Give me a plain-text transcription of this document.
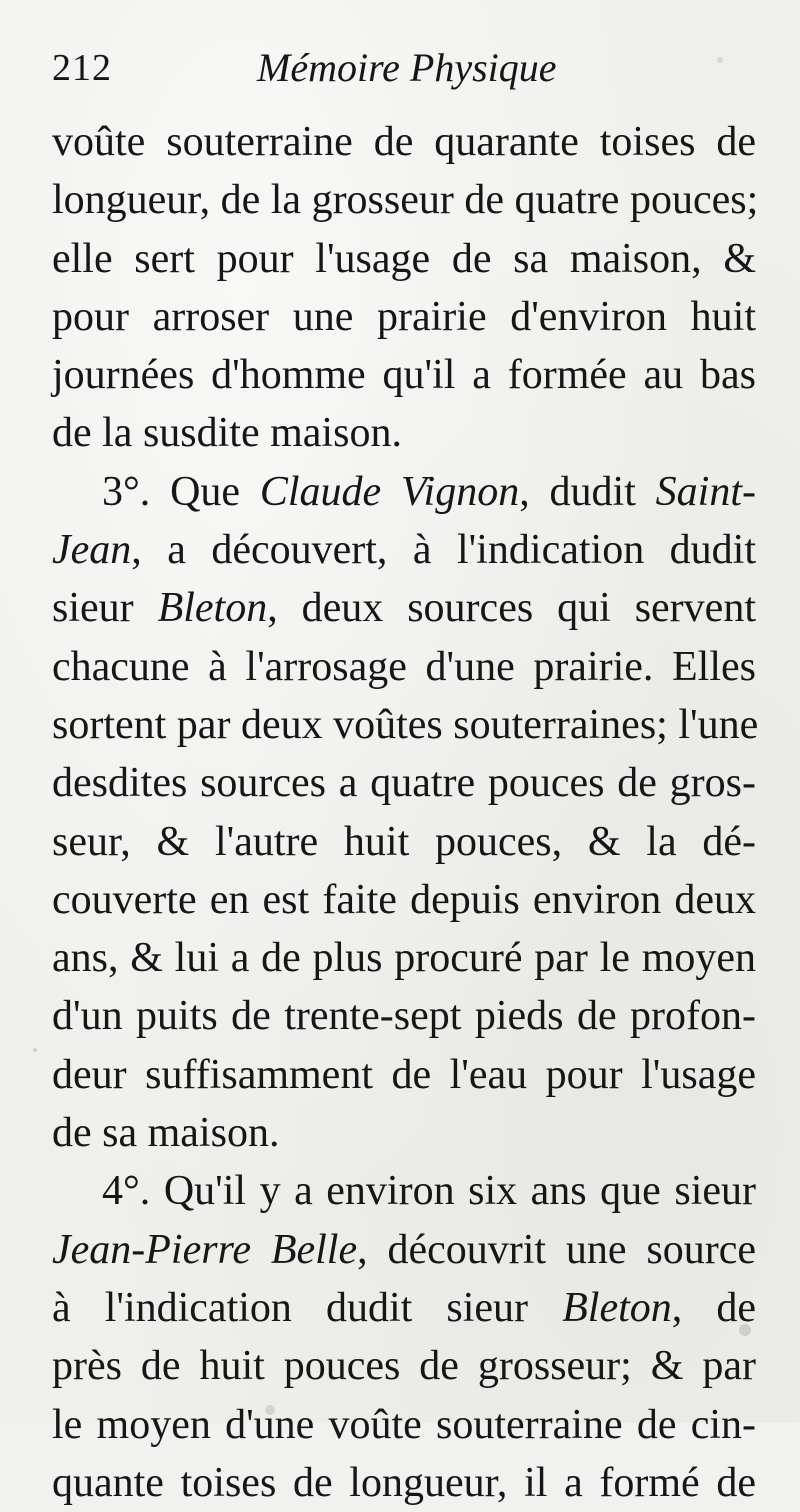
212	Mémoire Physique
voûte souterraine de quarante toises de
longueur, de la grosseur de quatre pouces;
elle sert pour l'usage de sa maison, &
pour arroser une prairie d'environ huit
journées d'homme qu'il a formée au bas
de la susdite maison.
3°. Que Claude Vignon, dudit Saint-
Jean, a découvert, à l'indication dudit
sieur Bleton, deux sources qui servent
chacune à l'arrosage d'une prairie. Elles
sortent par deux voûtes souterraines; l'une
desdites sources a quatre pouces de gros-
seur, & l'autre huit pouces, & la dé-
couverte en est faite depuis environ deux
ans, & lui a de plus procuré par le moyen
d'un puits de trente-sept pieds de profon-
deur suffisamment de l'eau pour l'usage
de sa maison.
4°. Qu'il y a environ six ans que sieur
Jean-Pierre Belle, découvrit une source
à l'indication dudit sieur Bleton, de
près de huit pouces de grosseur; & par
le moyen d'une voûte souterraine de cin-
quante toises de longueur, il a formé de
